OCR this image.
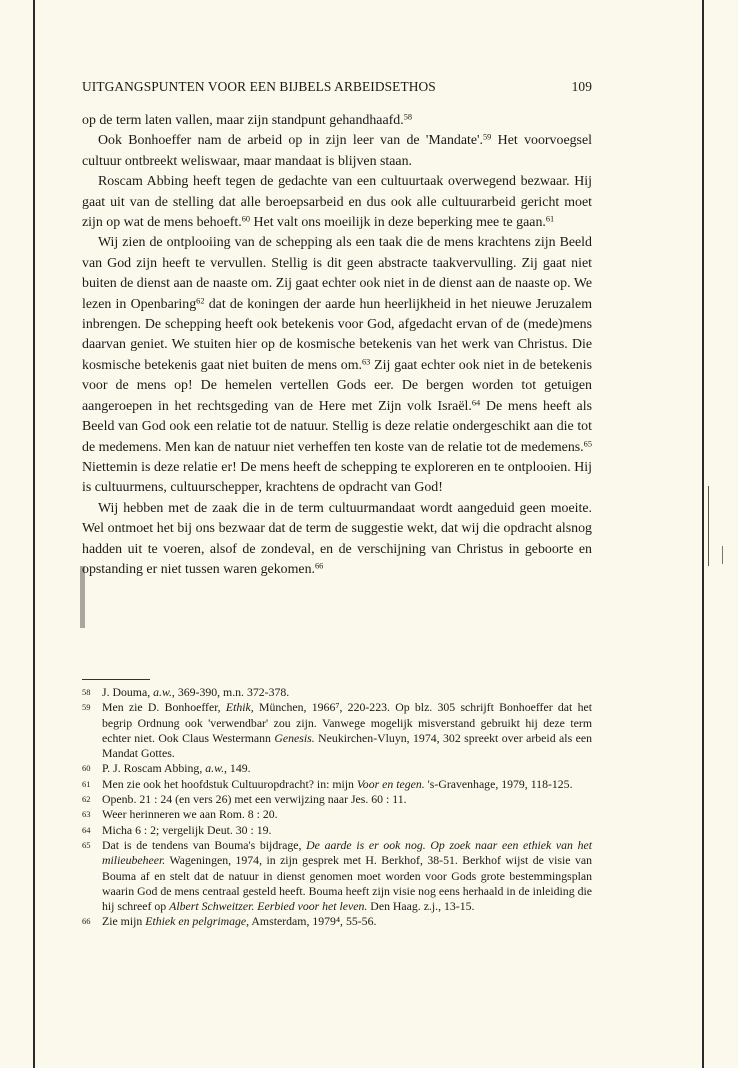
UITGANGSPUNTEN VOOR EEN BIJBELS ARBEIDSETHOS	109

op de term laten vallen, maar zijn standpunt gehandhaafd.$^{58}$

Ook Bonhoeffer nam de arbeid op in zijn leer van de 'Mandate'.$^{59}$ Het voorvoegsel cultuur ontbreekt weliswaar, maar mandaat is blijven staan.

Roscam Abbing heeft tegen de gedachte van een cultuurtaak overwegend bezwaar. Hij gaat uit van de stelling dat alle beroepsarbeid en dus ook alle cultuurarbeid gericht moet zijn op wat de mens behoeft.$^{60}$ Het valt ons moeilijk in deze beperking mee te gaan.$^{61}$

Wij zien de ontplooiing van de schepping als een taak die de mens krachtens zijn Beeld van God zijn heeft te vervullen. Stellig is dit geen abstracte taakvervulling. Zij gaat niet buiten de dienst aan de naaste om. Zij gaat echter ook niet in de dienst aan de naaste op. We lezen in Openbaring$^{62}$ dat de koningen der aarde hun heerlijkheid in het nieuwe Jeruzalem inbrengen. De schepping heeft ook betekenis voor God, afgedacht ervan of de (mede)mens daarvan geniet. We stuiten hier op de kosmische betekenis van het werk van Christus. Die kosmische betekenis gaat niet buiten de mens om.$^{63}$ Zij gaat echter ook niet in de betekenis voor de mens op! De hemelen vertellen Gods eer. De bergen worden tot getuigen aangeroepen in het rechtsgeding van de Here met Zijn volk Israël.$^{64}$ De mens heeft als Beeld van God ook een relatie tot de natuur. Stellig is deze relatie ondergeschikt aan die tot de medemens. Men kan de natuur niet verheffen ten koste van de relatie tot de medemens.$^{65}$ Niettemin is deze relatie er! De mens heeft de schepping te exploreren en te ontplooien. Hij is cultuurmens, cultuurschepper, krachtens de opdracht van God!

Wij hebben met de zaak die in de term cultuurmandaat wordt aangeduid geen moeite. Wel ontmoet het bij ons bezwaar dat de term de suggestie wekt, dat wij die opdracht alsnog hadden uit te voeren, alsof de zondeval, en de verschijning van Christus in geboorte en opstanding er niet tussen waren gekomen.$^{66}$

58 J. Douma, a.w., 369-390, m.n. 372-378.
59 Men zie D. Bonhoeffer, Ethik, München, 1966⁷, 220-223. Op blz. 305 schrijft Bonhoeffer dat het begrip Ordnung ook 'verwendbar' zou zijn. Vanwege mogelijk misverstand gebruikt hij deze term echter niet. Ook Claus Westermann Genesis. Neukirchen-Vluyn, 1974, 302 spreekt over arbeid als een Mandat Gottes.
60 P. J. Roscam Abbing, a.w., 149.
61 Men zie ook het hoofdstuk Cultuuropdracht? in: mijn Voor en tegen. 's-Gravenhage, 1979, 118-125.
62 Openb. 21 : 24 (en vers 26) met een verwijzing naar Jes. 60 : 11.
63 Weer herinneren we aan Rom. 8 : 20.
64 Micha 6 : 2; vergelijk Deut. 30 : 19.
65 Dat is de tendens van Bouma's bijdrage, De aarde is er ook nog. Op zoek naar een ethiek van het milieubeheer. Wageningen, 1974, in zijn gesprek met H. Berkhof, 38-51. Berkhof wijst de visie van Bouma af en stelt dat de natuur in dienst genomen moet worden voor Gods grote bestemmingsplan waarin God de mens centraal gesteld heeft. Bouma heeft zijn visie nog eens herhaald in de inleiding die hij schreef op Albert Schweitzer. Eerbied voor het leven. Den Haag. z.j., 13-15.
66 Zie mijn Ethiek en pelgrimage, Amsterdam, 1979⁴, 55-56.
